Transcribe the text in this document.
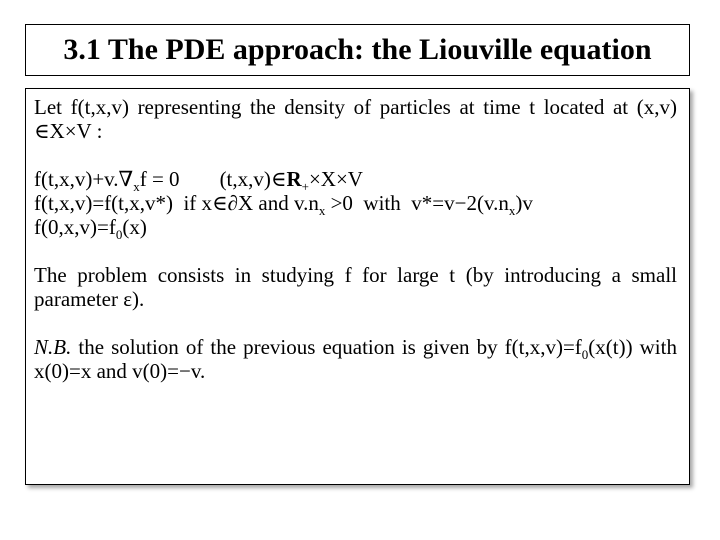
3.1 The PDE approach: the Liouville equation

Let f(t,x,v) representing the density of particles at time t located at (x,v) ∈X×V :

$f(t,x,v)+v.\nabla_xf = 0$ $(t,x,v)\in R_+\times X\times V$
f(t,x,v)=f(t,x,v*)  if x∈∂X and $v.n_x >0$  with  $v*=v-2(v.n_x)v$
$f(0,x,v)=f_0(x)$

The problem consists in studying f for large t (by introducing a small parameter ε).

N.B. the solution of the previous equation is given by $f(t,x,v)=f_0(x(t))$ with x(0)=x and v(0)=−v.
